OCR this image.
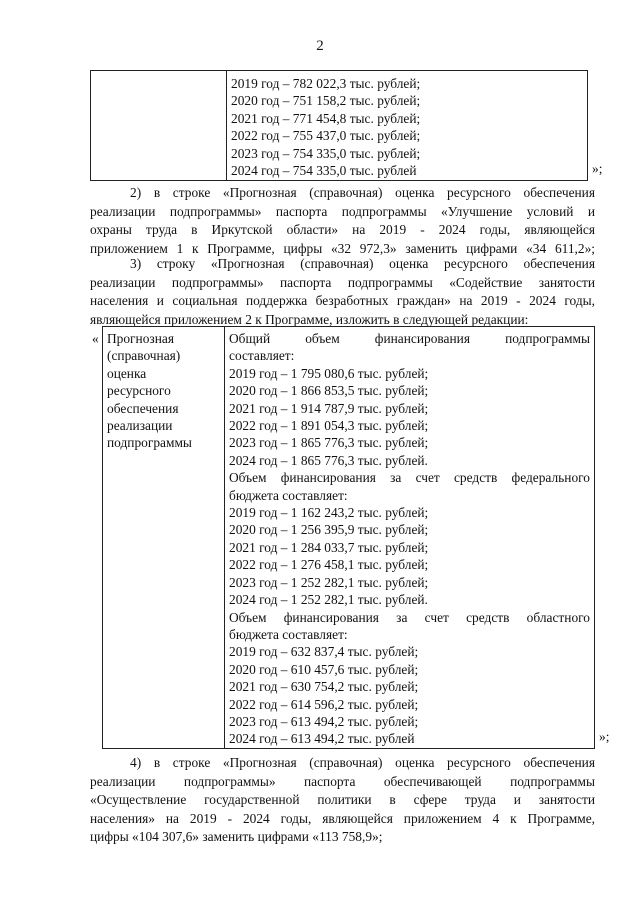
2

2019 год – 782 022,3 тыс. рублей;
2020 год – 751 158,2 тыс. рублей;
2021 год – 771 454,8 тыс. рублей;
2022 год – 755 437,0 тыс. рублей;
2023 год – 754 335,0 тыс. рублей;
2024 год – 754 335,0 тыс. рублей	»;
2) в строке «Прогнозная (справочная) оценка ресурсного обеспечения
реализации подпрограммы» паспорта подпрограммы «Улучшение условий и
охраны труда в Иркутской области» на 2019 - 2024 годы, являющейся
приложением 1 к Программе, цифры «32 972,3» заменить цифрами «34 611,2»;
3) строку «Прогнозная (справочная) оценка ресурсного обеспечения
реализации подпрограммы» паспорта подпрограммы «Содействие занятости
населения и социальная поддержка безработных граждан» на 2019 - 2024 годы,
являющейся приложением 2 к Программе, изложить в следующей редакции:
« Прогнозная
(справочная)
оценка
ресурсного
обеспечения
реализации
подпрограммы

Общий объем финансирования подпрограммы
составляет:
2019 год – 1 795 080,6 тыс. рублей;
2020 год – 1 866 853,5 тыс. рублей;
2021 год – 1 914 787,9 тыс. рублей;
2022 год – 1 891 054,3 тыс. рублей;
2023 год – 1 865 776,3 тыс. рублей;
2024 год – 1 865 776,3 тыс. рублей.
Объем финансирования за счет средств федерального
бюджета составляет:
2019 год – 1 162 243,2 тыс. рублей;
2020 год – 1 256 395,9 тыс. рублей;
2021 год – 1 284 033,7 тыс. рублей;
2022 год – 1 276 458,1 тыс. рублей;
2023 год – 1 252 282,1 тыс. рублей;
2024 год – 1 252 282,1 тыс. рублей.
Объем финансирования за счет средств областного
бюджета составляет:
2019 год – 632 837,4 тыс. рублей;
2020 год – 610 457,6 тыс. рублей;
2021 год – 630 754,2 тыс. рублей;
2022 год – 614 596,2 тыс. рублей;
2023 год – 613 494,2 тыс. рублей;
2024 год – 613 494,2 тыс. рублей	»;
4) в строке «Прогнозная (справочная) оценка ресурсного обеспечения
реализации подпрограммы» паспорта обеспечивающей подпрограммы
«Осуществление государственной политики в сфере труда и занятости
населения» на 2019 - 2024 годы, являющейся приложением 4 к Программе,
цифры «104 307,6» заменить цифрами «113 758,9»;
